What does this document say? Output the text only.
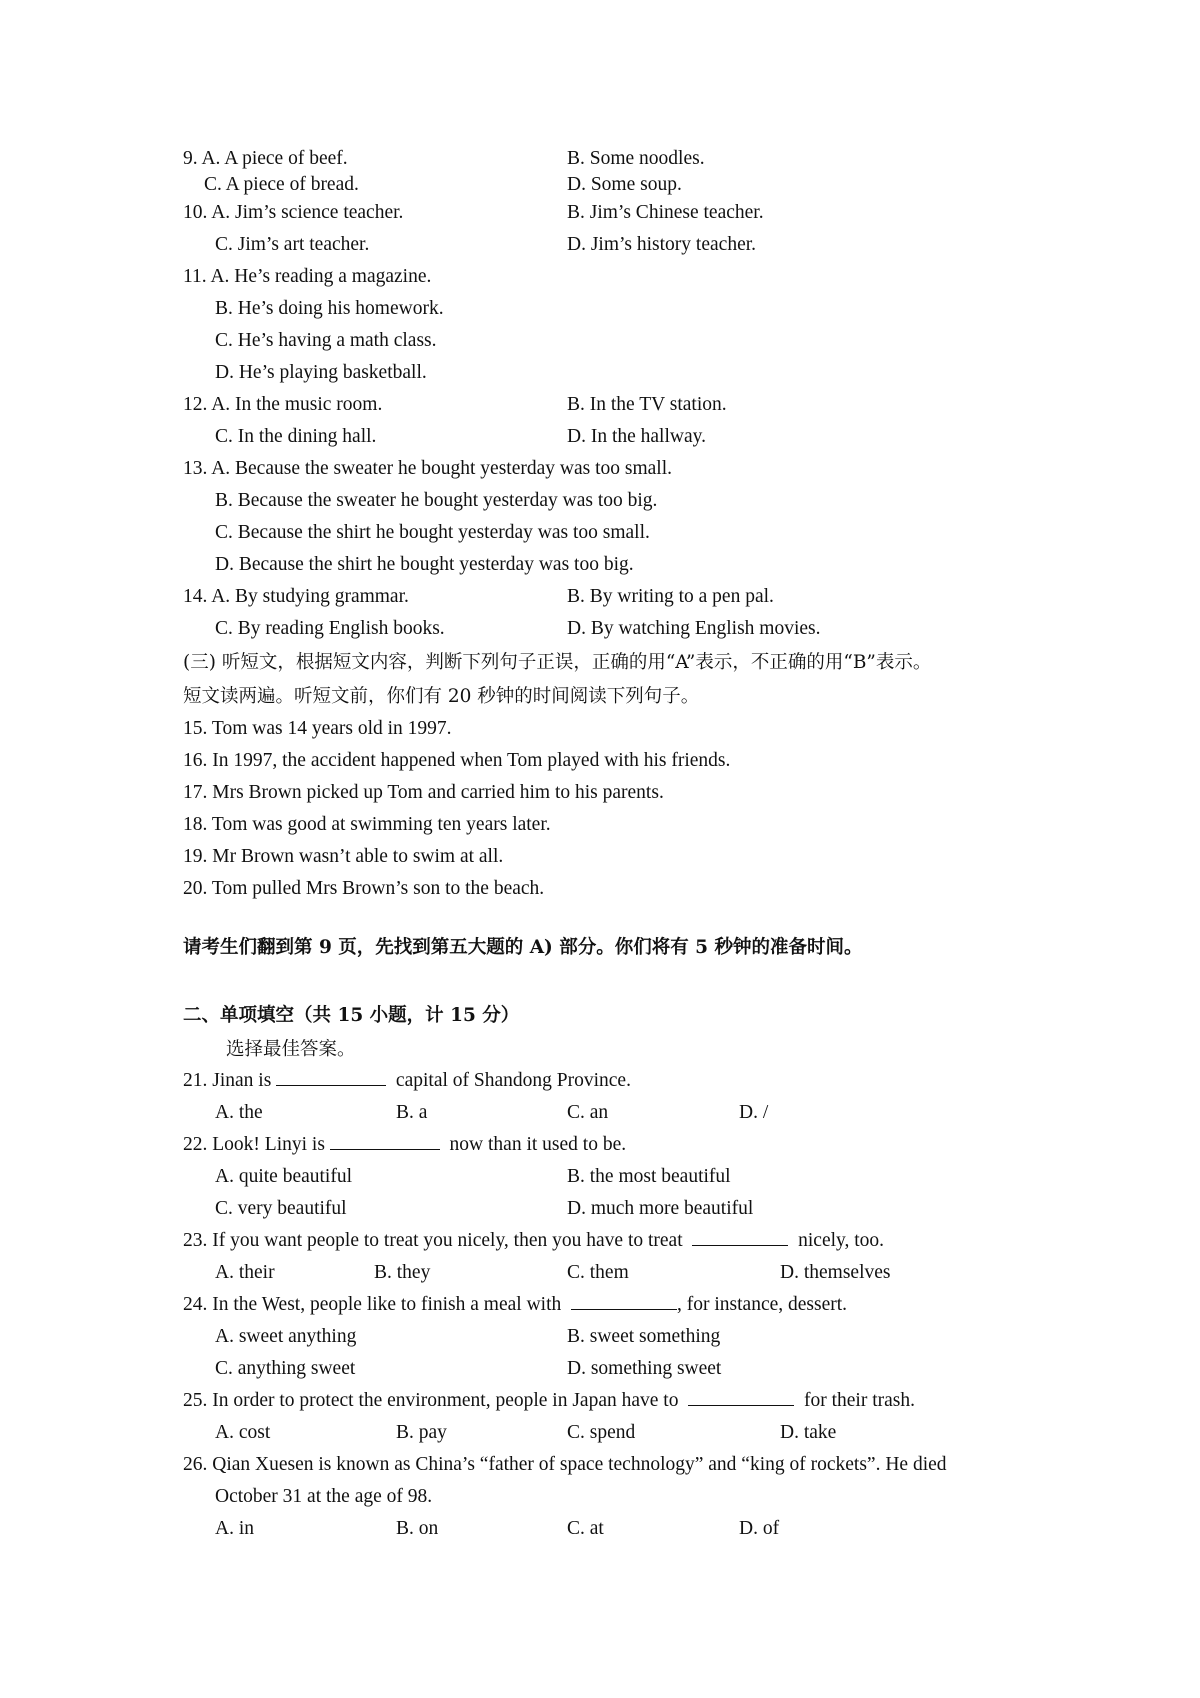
9. A. A piece of beef.	B. Some noodles.
C. A piece of bread.	D. Some soup.
10. A. Jim’s science teacher.	B. Jim’s Chinese teacher.
C. Jim’s art teacher.	D. Jim’s history teacher.
11. A. He’s reading a magazine.
B. He’s doing his homework.
C. He’s having a math class.
D. He’s playing basketball.
12. A. In the music room.	B. In the TV station.
C. In the dining hall.	D. In the hallway.
13. A. Because the sweater he bought yesterday was too small.
B. Because the sweater he bought yesterday was too big.
C. Because the shirt he bought yesterday was too small.
D. Because the shirt he bought yesterday was too big.
14. A. By studying grammar.	B. By writing to a pen pal.
C. By reading English books.	D. By watching English movies.
(三) 听短文，根据短文内容，判断下列句子正误，正确的用“A”表示，不正确的用“B”表示。
短文读两遍。听短文前，你们有 20 秒钟的时间阅读下列句子。
15. Tom was 14 years old in 1997.
16. In 1997, the accident happened when Tom played with his friends.
17. Mrs Brown picked up Tom and carried him to his parents.
18. Tom was good at swimming ten years later.
19. Mr Brown wasn’t able to swim at all.
20. Tom pulled Mrs Brown’s son to the beach.
请考生们翻到第 9 页，先找到第五大题的 A) 部分。你们将有 5 秒钟的准备时间。
二、单项填空（共 15 小题，计 15 分）
选择最佳答案。
21. Jinan is	capital of Shandong Province.
A. the	B. a	C. an	D. /
22. Look! Linyi is	now than it used to be.
A. quite beautiful	B. the most beautiful
C. very beautiful	D. much more beautiful
23. If you want people to treat you nicely, then you have to treat	nicely, too.
A. their	B. they	C. them	D. themselves
24. In the West, people like to finish a meal with	, for instance, dessert.
A. sweet anything	B. sweet something
C. anything sweet	D. something sweet
25. In order to protect the environment, people in Japan have to	for their trash.
A. cost	B. pay	C. spend	D. take
26. Qian Xuesen is known as China’s “father of space technology” and “king of rockets”. He died
October 31 at the age of 98.
A. in	B. on	C. at	D. of
